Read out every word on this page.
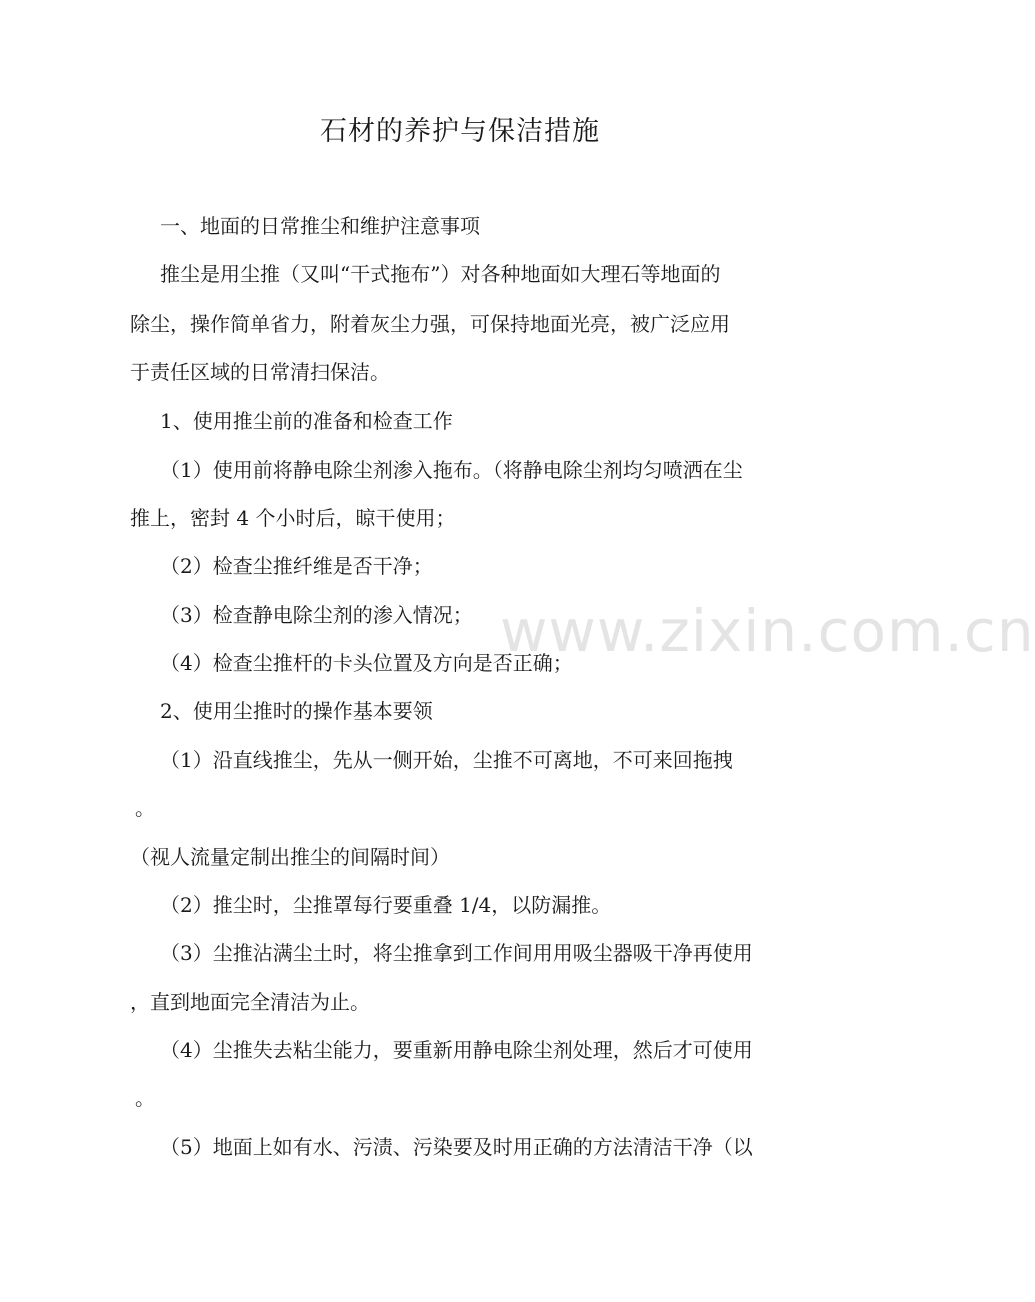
www.zixin.com.cn
石材的养护与保洁措施
一、地面的日常推尘和维护注意事项
推尘是用尘推（又叫“干式拖布”）对各种地面如大理石等地面的
除尘，操作简单省力，附着灰尘力强，可保持地面光亮，被广泛应用
于责任区域的日常清扫保洁。
1、使用推尘前的准备和检查工作
（1）使用前将静电除尘剂渗入拖布。（将静电除尘剂均匀喷洒在尘
推上，密封 4 个小时后，晾干使用；
（2）检查尘推纤维是否干净；
（3）检查静电除尘剂的渗入情况；
（4）检查尘推杆的卡头位置及方向是否正确；
2、使用尘推时的操作基本要领
（1）沿直线推尘，先从一侧开始，尘推不可离地，不可来回拖拽
。
（视人流量定制出推尘的间隔时间）
（2）推尘时，尘推罩每行要重叠 1/4，以防漏推。
（3）尘推沾满尘土时，将尘推拿到工作间用用吸尘器吸干净再使用
，直到地面完全清洁为止。
（4）尘推失去粘尘能力，要重新用静电除尘剂处理，然后才可使用
。
（5）地面上如有水、污渍、污染要及时用正确的方法清洁干净（以
